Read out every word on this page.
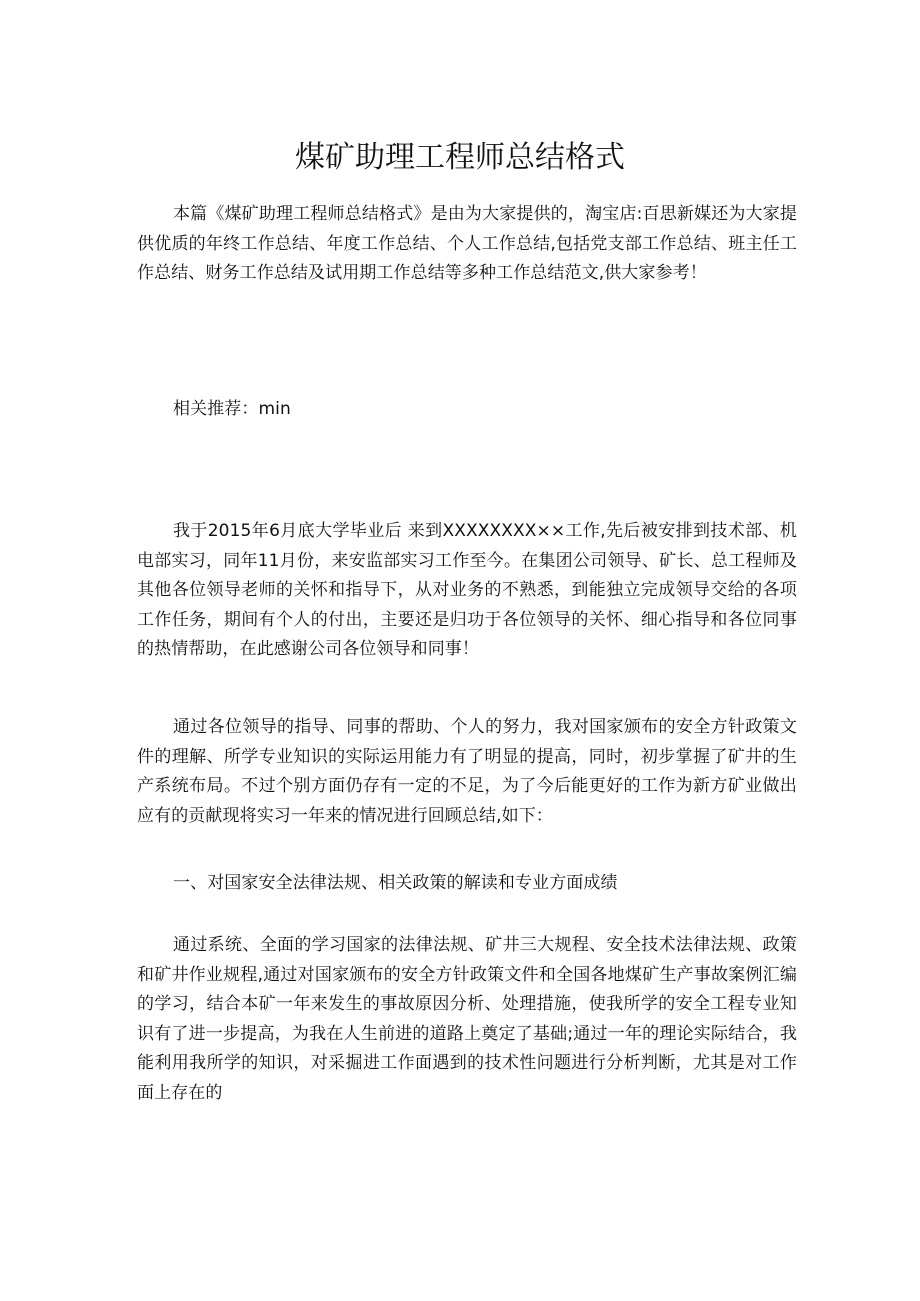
煤矿助理工程师总结格式
本篇《煤矿助理工程师总结格式》是由为大家提供的，淘宝店:百思新媒还为大家提供优质的年终工作总结、年度工作总结、个人工作总结,包括党支部工作总结、班主任工作总结、财务工作总结及试用期工作总结等多种工作总结范文,供大家参考！
相关推荐：min
我于2015年6月底大学毕业后 来到XXXXXXXX××工作,先后被安排到技术部、机电部实习，同年11月份，来安监部实习工作至今。在集团公司领导、矿长、总工程师及其他各位领导老师的关怀和指导下，从对业务的不熟悉，到能独立完成领导交给的各项工作任务，期间有个人的付出，主要还是归功于各位领导的关怀、细心指导和各位同事的热情帮助，在此感谢公司各位领导和同事！
通过各位领导的指导、同事的帮助、个人的努力，我对国家颁布的安全方针政策文件的理解、所学专业知识的实际运用能力有了明显的提高，同时，初步掌握了矿井的生产系统布局。不过个别方面仍存有一定的不足，为了今后能更好的工作为新方矿业做出应有的贡献现将实习一年来的情况进行回顾总结,如下：
一、对国家安全法律法规、相关政策的解读和专业方面成绩
通过系统、全面的学习国家的法律法规、矿井三大规程、安全技术法律法规、政策和矿井作业规程,通过对国家颁布的安全方针政策文件和全国各地煤矿生产事故案例汇编的学习，结合本矿一年来发生的事故原因分析、处理措施，使我所学的安全工程专业知识有了进一步提高，为我在人生前进的道路上奠定了基础;通过一年的理论实际结合，我能利用我所学的知识，对采掘进工作面遇到的技术性问题进行分析判断，尤其是对工作面上存在的
